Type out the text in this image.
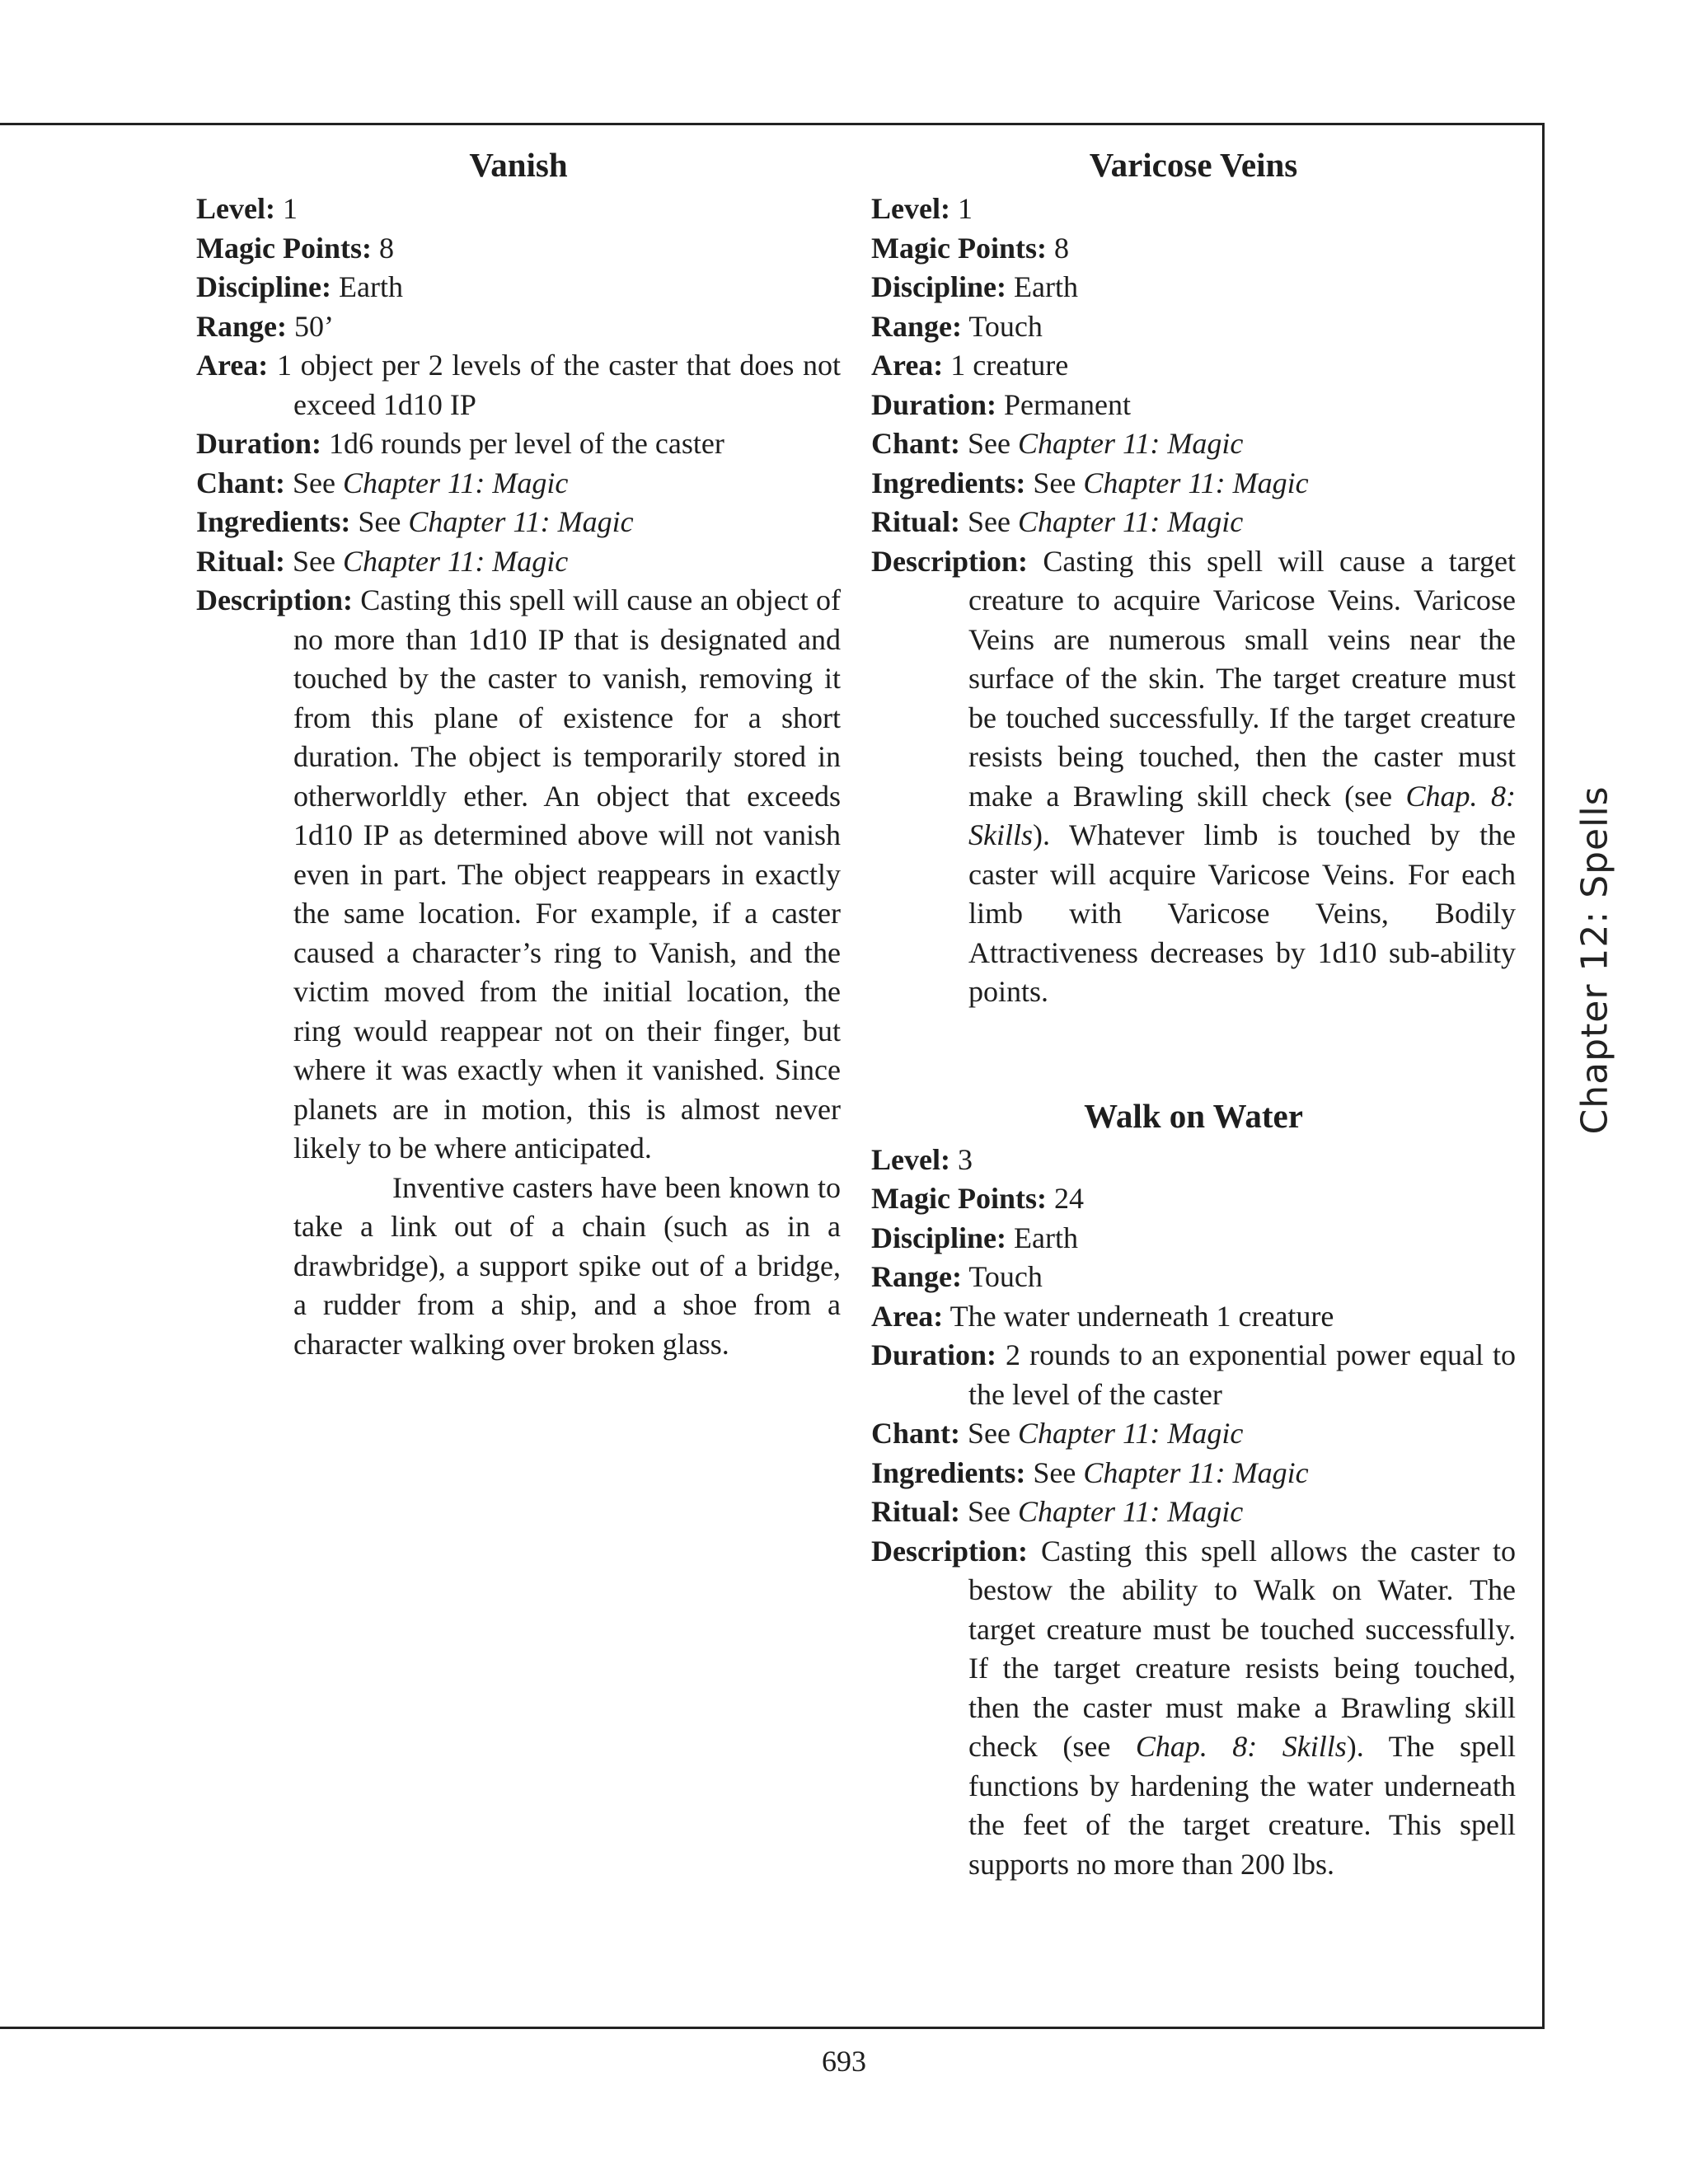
Vanish
Level: 1
Magic Points: 8
Discipline: Earth
Range: 50’
Area: 1 object per 2 levels of the caster that does not exceed 1d10 IP
Duration: 1d6 rounds per level of the caster
Chant: See Chapter 11: Magic
Ingredients: See Chapter 11: Magic
Ritual: See Chapter 11: Magic

Description: Casting this spell will cause an object of no more than 1d10 IP that is designated and touched by the caster to vanish, removing it from this plane of existence for a short duration. The object is temporarily stored in otherworldly ether. An object that exceeds 1d10 IP as determined above will not vanish even in part. The object reappears in exactly the same location. For example, if a caster caused a character’s ring to Vanish, and the victim moved from the initial location, the ring would reappear not on their finger, but where it was exactly when it vanished. Since planets are in motion, this is almost never likely to be where anticipated.

Inventive casters have been known to take a link out of a chain (such as in a drawbridge), a support spike out of a bridge, a rudder from a ship, and a shoe from a character walking over broken glass.

Varicose Veins
Level: 1
Magic Points: 8
Discipline: Earth
Range: Touch
Area: 1 creature
Duration: Permanent
Chant: See Chapter 11: Magic
Ingredients: See Chapter 11: Magic
Ritual: See Chapter 11: Magic

Description: Casting this spell will cause a target creature to acquire Varicose Veins. Varicose Veins are numerous small veins near the surface of the skin. The target creature must be touched successfully. If the target creature resists being touched, then the caster must make a Brawling skill check (see Chap. 8: Skills). Whatever limb is touched by the caster will acquire Varicose Veins. For each limb with Varicose Veins, Bodily Attractiveness decreases by 1d10 sub-ability points.

Walk on Water
Level: 3
Magic Points: 24
Discipline: Earth
Range: Touch
Area: The water underneath 1 creature
Duration: 2 rounds to an exponential power equal to the level of the caster
Chant: See Chapter 11: Magic
Ingredients: See Chapter 11: Magic
Ritual: See Chapter 11: Magic

Description: Casting this spell allows the caster to bestow the ability to Walk on Water. The target creature must be touched successfully. If the target creature resists being touched, then the caster must make a Brawling skill check (see Chap. 8: Skills). The spell functions by hardening the water underneath the feet of the target creature. This spell supports no more than 200 lbs.

Chapter 12: Spells
693
